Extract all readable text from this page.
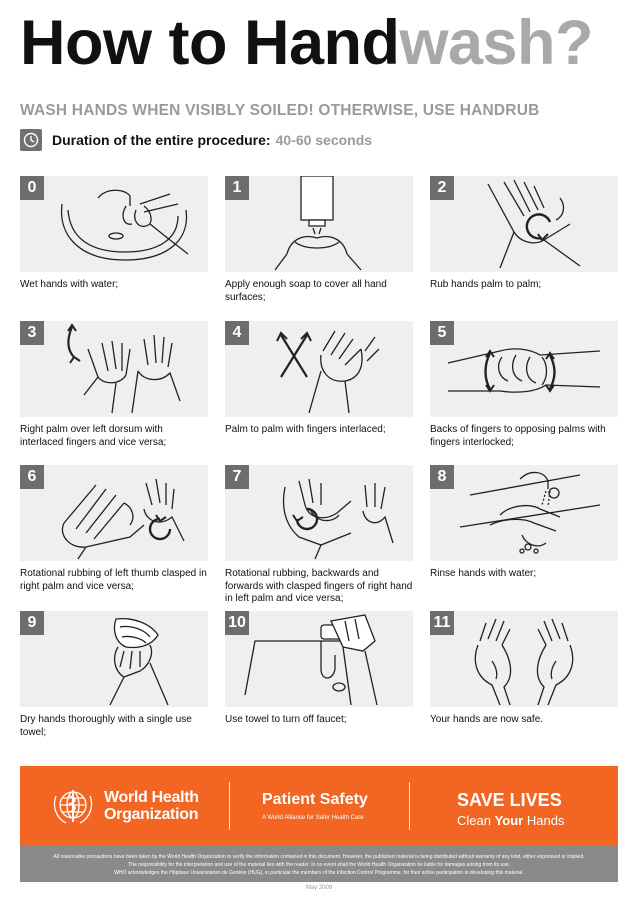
How to Handwash?
WASH HANDS WHEN VISIBLY SOILED! OTHERWISE, USE HANDRUB
Duration of the entire procedure: 40-60 seconds
0
Wet hands with water;
1
Apply enough soap to cover all hand surfaces;
2
Rub hands palm to palm;
3
Right palm over left dorsum with interlaced fingers and vice versa;
4
Palm to palm with fingers interlaced;
5
Backs of fingers to opposing palms with fingers interlocked;
6
Rotational rubbing of left thumb clasped in right palm and vice versa;
7
Rotational rubbing, backwards and forwards with clasped fingers of right hand in left palm and vice versa;
8
Rinse hands with water;
9
Dry hands thoroughly with a single use towel;
10
Use towel to turn off faucet;
11
Your hands are now safe.
World Health
Organization
Patient Safety
A World Alliance for Safer Health Care
SAVE LIVES
Clean Your Hands
All reasonable precautions have been taken by the World Health Organization to verify the information contained in this document. However, the published material is being distributed without warranty of any kind, either expressed or implied. The responsibility for the interpretation and use of the material lies with the reader. In no event shall the World Health Organization be liable for damages arising from its use.
WHO acknowledges the Hôpitaux Universitaires de Genève (HUG), in particular the members of the Infection Control Programme, for their active participation in developing this material.
May 2009
